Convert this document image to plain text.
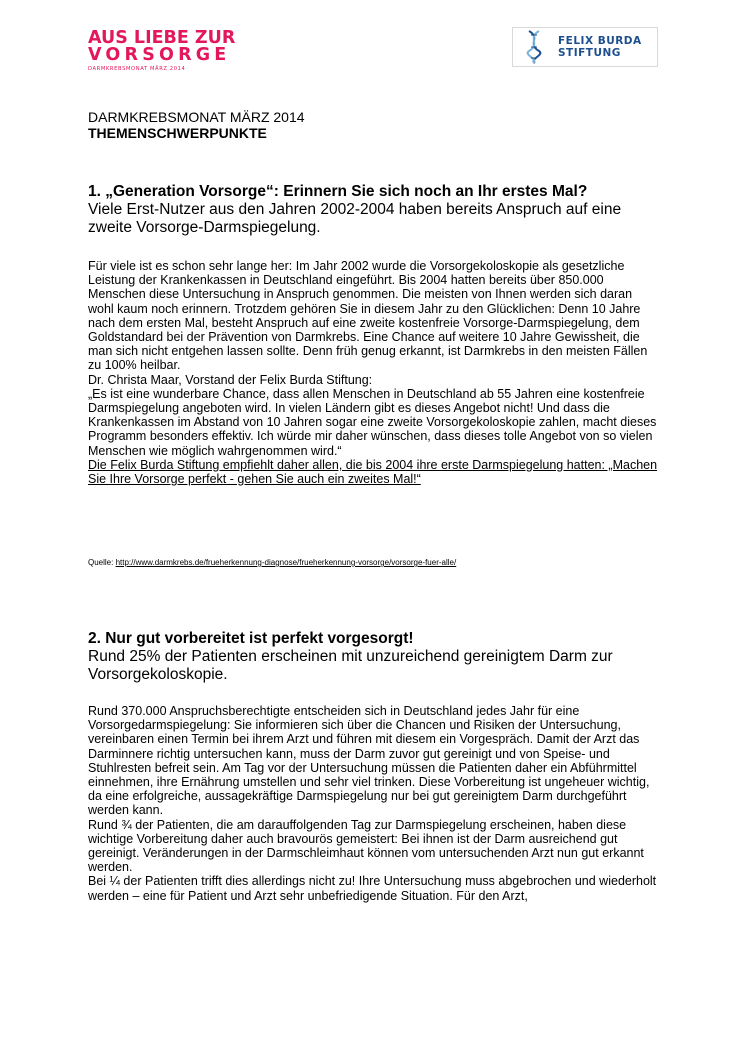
AUS LIEBE ZUR
VORSORGE
DARMKREBSMONAT MÄRZ 2014
FELIX BURDA
STIFTUNG
DARMKREBSMONAT MÄRZ 2014
THEMENSCHWERPUNKTE
1. „Generation Vorsorge“: Erinnern Sie sich noch an Ihr erstes Mal?
Viele Erst-Nutzer aus den Jahren 2002-2004 haben bereits Anspruch auf eine zweite Vorsorge-Darmspiegelung.

Für viele ist es schon sehr lange her: Im Jahr 2002 wurde die Vorsorgekoloskopie als gesetzliche Leistung der Krankenkassen in Deutschland eingeführt. Bis 2004 hatten bereits über 850.000 Menschen diese Untersuchung in Anspruch genommen. Die meisten von Ihnen werden sich daran wohl kaum noch erinnern. Trotzdem gehören Sie in diesem Jahr zu den Glücklichen: Denn 10 Jahre nach dem ersten Mal, besteht Anspruch auf eine zweite kostenfreie Vorsorge-Darmspiegelung, dem Goldstandard bei der Prävention von Darmkrebs. Eine Chance auf weitere 10 Jahre Gewissheit, die man sich nicht entgehen lassen sollte. Denn früh genug erkannt, ist Darmkrebs in den meisten Fällen zu 100% heilbar.

Dr. Christa Maar, Vorstand der Felix Burda Stiftung:

„Es ist eine wunderbare Chance, dass allen Menschen in Deutschland ab 55 Jahren eine kostenfreie Darmspiegelung angeboten wird. In vielen Ländern gibt es dieses Angebot nicht! Und dass die Krankenkassen im Abstand von 10 Jahren sogar eine zweite Vorsorgekoloskopie zahlen, macht dieses Programm besonders effektiv. Ich würde mir daher wünschen, dass dieses tolle Angebot von so vielen Menschen wie möglich wahrgenommen wird.“

Die Felix Burda Stiftung empfiehlt daher allen, die bis 2004 ihre erste Darmspiegelung hatten: „Machen Sie Ihre Vorsorge perfekt - gehen Sie auch ein zweites Mal!“

Quelle: http://www.darmkrebs.de/frueherkennung-diagnose/frueherkennung-vorsorge/vorsorge-fuer-alle/
2. Nur gut vorbereitet ist perfekt vorgesorgt!
Rund 25% der Patienten erscheinen mit unzureichend gereinigtem Darm zur Vorsorgekoloskopie.

Rund 370.000 Anspruchsberechtigte entscheiden sich in Deutschland jedes Jahr für eine Vorsorgedarmspiegelung: Sie informieren sich über die Chancen und Risiken der Untersuchung, vereinbaren einen Termin bei ihrem Arzt und führen mit diesem ein Vorgespräch. Damit der Arzt das Darminnere richtig untersuchen kann, muss der Darm zuvor gut gereinigt und von Speise- und Stuhlresten befreit sein. Am Tag vor der Untersuchung müssen die Patienten daher ein Abführmittel einnehmen, ihre Ernährung umstellen und sehr viel trinken. Diese Vorbereitung ist ungeheuer wichtig, da eine erfolgreiche, aussagekräftige Darmspiegelung nur bei gut gereinigtem Darm durchgeführt werden kann.

Rund ¾ der Patienten, die am darauffolgenden Tag zur Darmspiegelung erscheinen, haben diese wichtige Vorbereitung daher auch bravourös gemeistert: Bei ihnen ist der Darm ausreichend gut gereinigt. Veränderungen in der Darmschleimhaut können vom untersuchenden Arzt nun gut erkannt werden.

Bei ¼ der Patienten trifft dies allerdings nicht zu! Ihre Untersuchung muss abgebrochen und wiederholt werden – eine für Patient und Arzt sehr unbefriedigende Situation. Für den Arzt,
